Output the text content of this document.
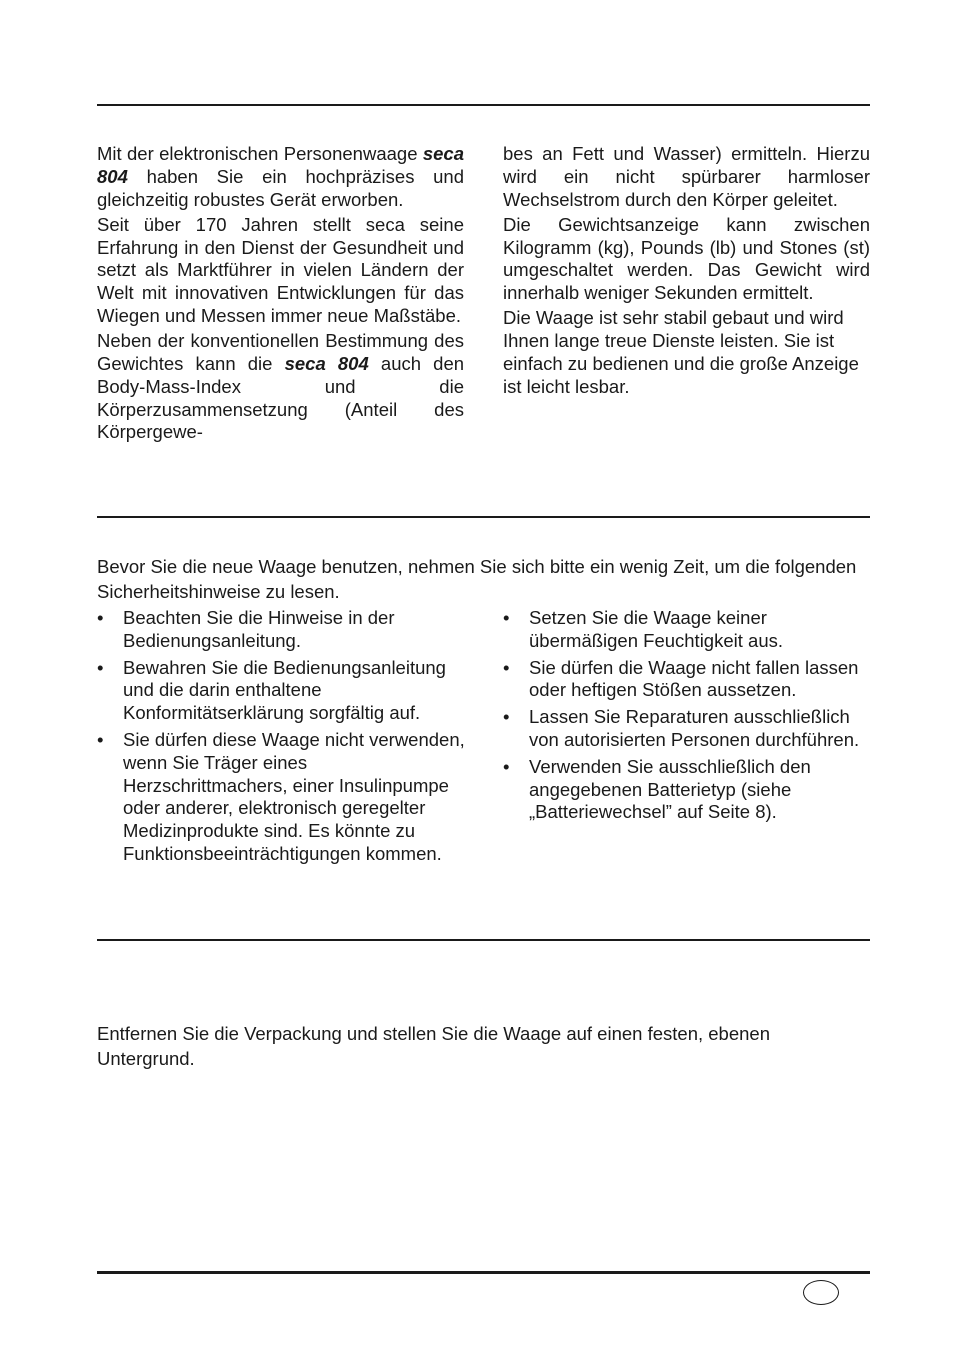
Mit der elektronischen Personenwaage seca 804 haben Sie ein hochpräzises und gleichzeitig robustes Gerät erworben.

Seit über 170 Jahren stellt seca seine Erfahrung in den Dienst der Gesundheit und setzt als Marktführer in vielen Ländern der Welt mit innovativen Entwicklungen für das Wiegen und Messen immer neue Maßstäbe.

Neben der konventionellen Bestimmung des Gewichtes kann die seca 804 auch den Body-Mass-Index und die Körperzusammensetzung (Anteil des Körpergewe-

bes an Fett und Wasser) ermitteln. Hierzu wird ein nicht spürbarer harmloser Wechselstrom durch den Körper geleitet.

Die Gewichtsanzeige kann zwischen Kilogramm (kg), Pounds (lb) und Stones (st) umgeschaltet werden. Das Gewicht wird innerhalb weniger Sekunden ermittelt.

Die Waage ist sehr stabil gebaut und wird Ihnen lange treue Dienste leisten. Sie ist einfach zu bedienen und die große Anzeige ist leicht lesbar.

Bevor Sie die neue Waage benutzen, nehmen Sie sich bitte ein wenig Zeit, um die folgenden Sicherheitshinweise zu lesen.

•	Beachten Sie die Hinweise in der Bedienungsanleitung.
•	Bewahren Sie die Bedienungsanleitung und die darin enthaltene Konformitätserklärung sorgfältig auf.
•	Sie dürfen diese Waage nicht verwenden, wenn Sie Träger eines Herzschrittmachers, einer Insulinpumpe oder anderer, elektronisch geregelter Medizinprodukte sind. Es könnte zu Funktionsbeeinträchtigungen kommen.
•	Setzen Sie die Waage keiner übermäßigen Feuchtigkeit aus.
•	Sie dürfen die Waage nicht fallen lassen oder heftigen Stößen aussetzen.
•	Lassen Sie Reparaturen ausschließlich von autorisierten Personen durchführen.
•	Verwenden Sie ausschließlich den angegebenen Batterietyp (siehe „Batteriewechsel” auf Seite 8).

Entfernen Sie die Verpackung und stellen Sie die Waage auf einen festen, ebenen Untergrund.
